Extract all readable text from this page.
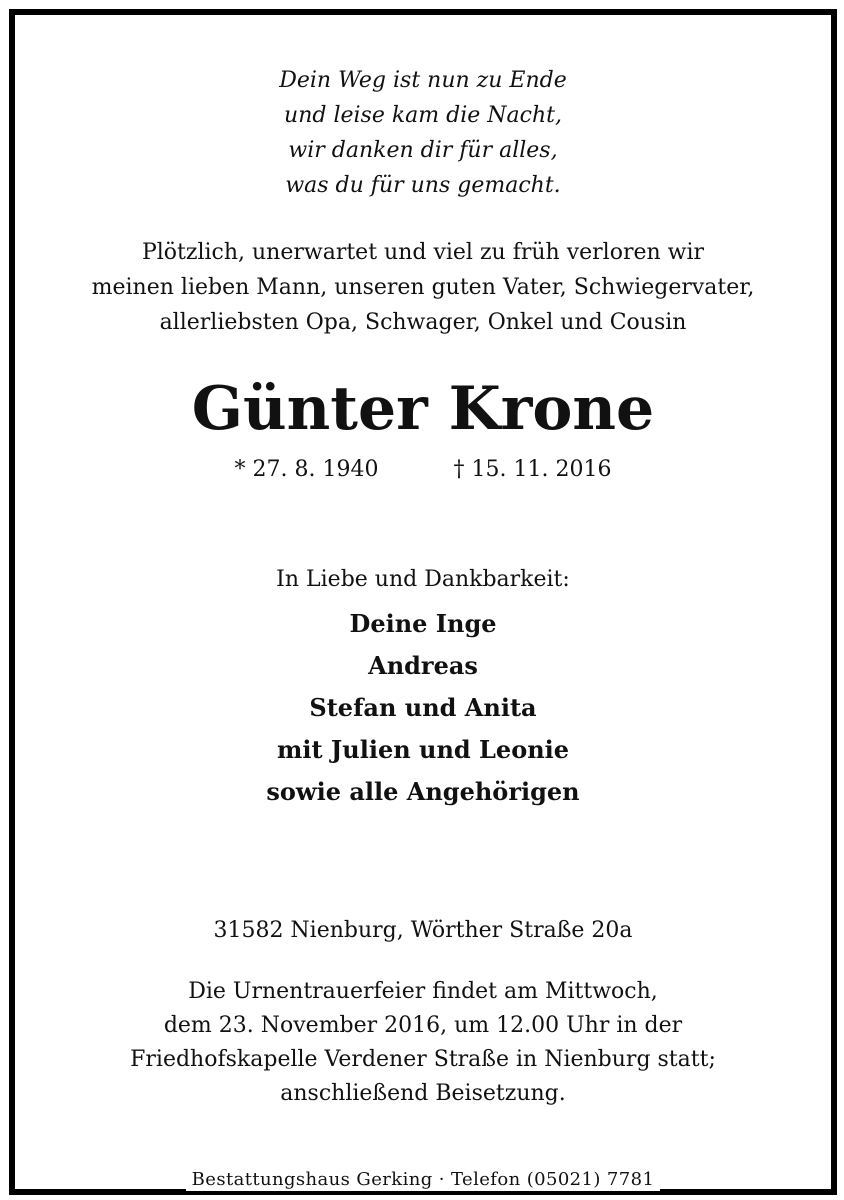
Dein Weg ist nun zu Ende
und leise kam die Nacht,
wir danken dir für alles,
was du für uns gemacht.
Plötzlich, unerwartet und viel zu früh verloren wir
meinen lieben Mann, unseren guten Vater, Schwiegervater,
allerliebsten Opa, Schwager, Onkel und Cousin
Günter Krone
* 27. 8. 1940	† 15. 11. 2016
In Liebe und Dankbarkeit:
Deine Inge
Andreas
Stefan und Anita
mit Julien und Leonie
sowie alle Angehörigen
31582 Nienburg, Wörther Straße 20a
Die Urnentrauerfeier findet am Mittwoch,
dem 23. November 2016, um 12.00 Uhr in der
Friedhofskapelle Verdener Straße in Nienburg statt;
anschließend Beisetzung.
Bestattungshaus Gerking · Telefon (05021) 7781
